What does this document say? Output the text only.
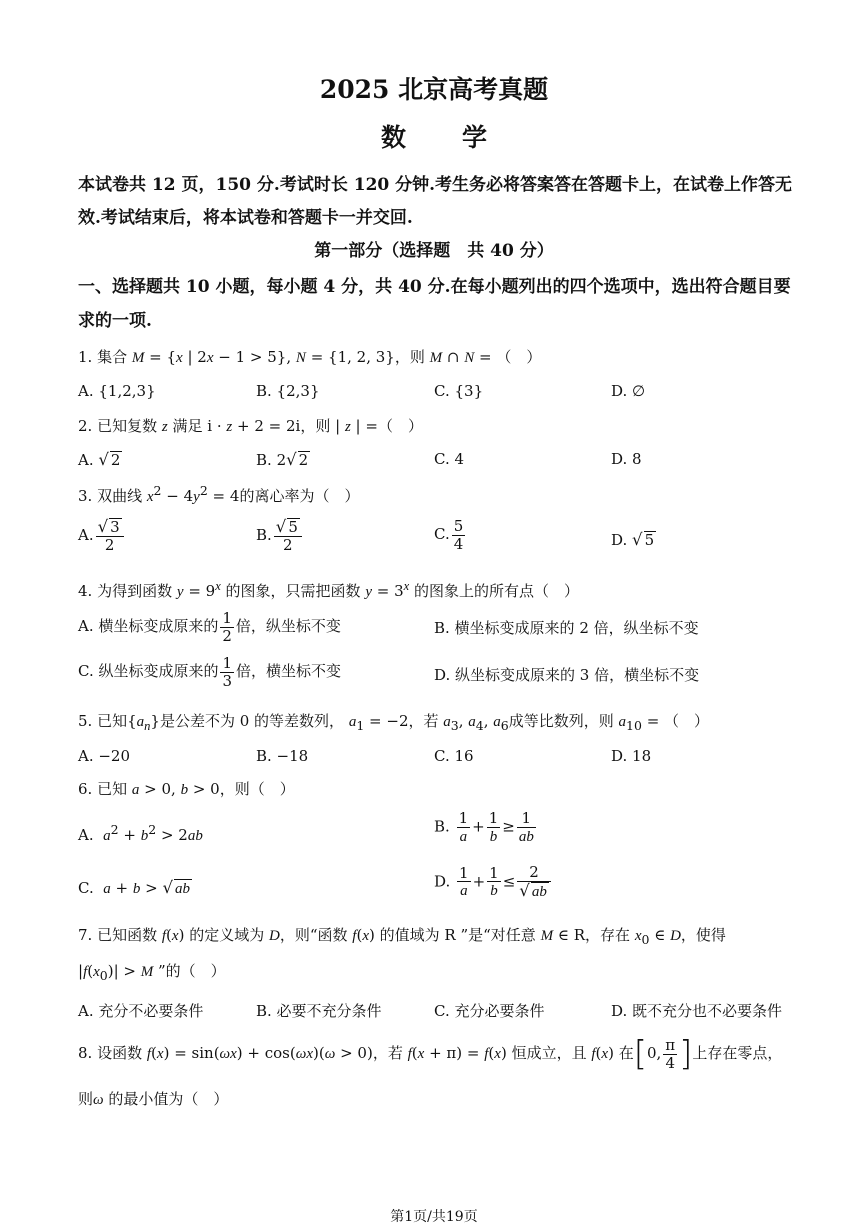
2025 北京高考真题
数 学
本试卷共 12 页，150 分.考试时长 120 分钟.考生务必将答案答在答题卡上，在试卷上作答无
效.考试结束后，将本试卷和答题卡一并交回.
第一部分（选择题　共 40 分）
一、选择题共 10 小题，每小题 4 分，共 40 分.在每小题列出的四个选项中，选出符合题目要
求的一项.
1. 集合 M = {x | 2x − 1 > 5}, N = {1, 2, 3}，则 M ∩ N = （　）
A. {1,2,3}	B. {2,3}	C. {3}	D. ∅
2. 已知复数 z 满足 i · z + 2 = 2i，则 | z | =（　）
A. √ 2	B. 2√ 2	C. 4	D. 8
3. 双曲线 $x^2 - 4y^2 = 4$的离心率为（　）
A. $\frac{√ 3}{2}$	B. $\frac{√ 5}{2}$	C. $\frac{5}{4}$	D. √ 5
4. 为得到函数 $y = 9^x$ 的图象，只需把函数 $y = 3^x$ 的图象上的所有点（　）
A. 横坐标变成原来的 $\frac{1}{2}$ 倍，纵坐标不变	B. 横坐标变成原来的 2 倍，纵坐标不变
C. 纵坐标变成原来的 $\frac{1}{3}$ 倍，横坐标不变	D. 纵坐标变成原来的 3 倍，横坐标不变
5. 已知$\{a_n\}$是公差不为 0 的等差数列， $a_1 = -2$，若 $a_3$, $a_4$, $a_6$成等比数列，则 $a_{10}$ = （　）
A. −20	B. −18	C. 16	D. 18
6. 已知 a > 0, b > 0，则（　）
A. $a^2 + b^2 > 2ab$
B. $\frac{1}{a} + \frac{1}{b} \ge \frac{1}{ab}$
C. a + b > √ ab	D. $\frac{1}{a} + \frac{1}{b} \le \frac{2}{√ ab}$
7. 已知函数 f(x) 的定义域为 D，则“函数 f(x) 的值域为 R ”是“对任意 M ∈ R，存在 $x_0$ ∈ D，使得
$|f(x_0)| > M$ ”的（　）
A. 充分不必要条件	B. 必要不充分条件	C. 充分必要条件	D. 既不充分也不必要条件
8. 设函数 f(x) = sin(ωx) + cos(ωx)(ω > 0)，若 f(x + π) = f(x) 恒成立，且 f(x) 在[0, $\frac{\pi}{4}$ ]上存在零点，
则ω 的最小值为（　）
第1页/共19页
